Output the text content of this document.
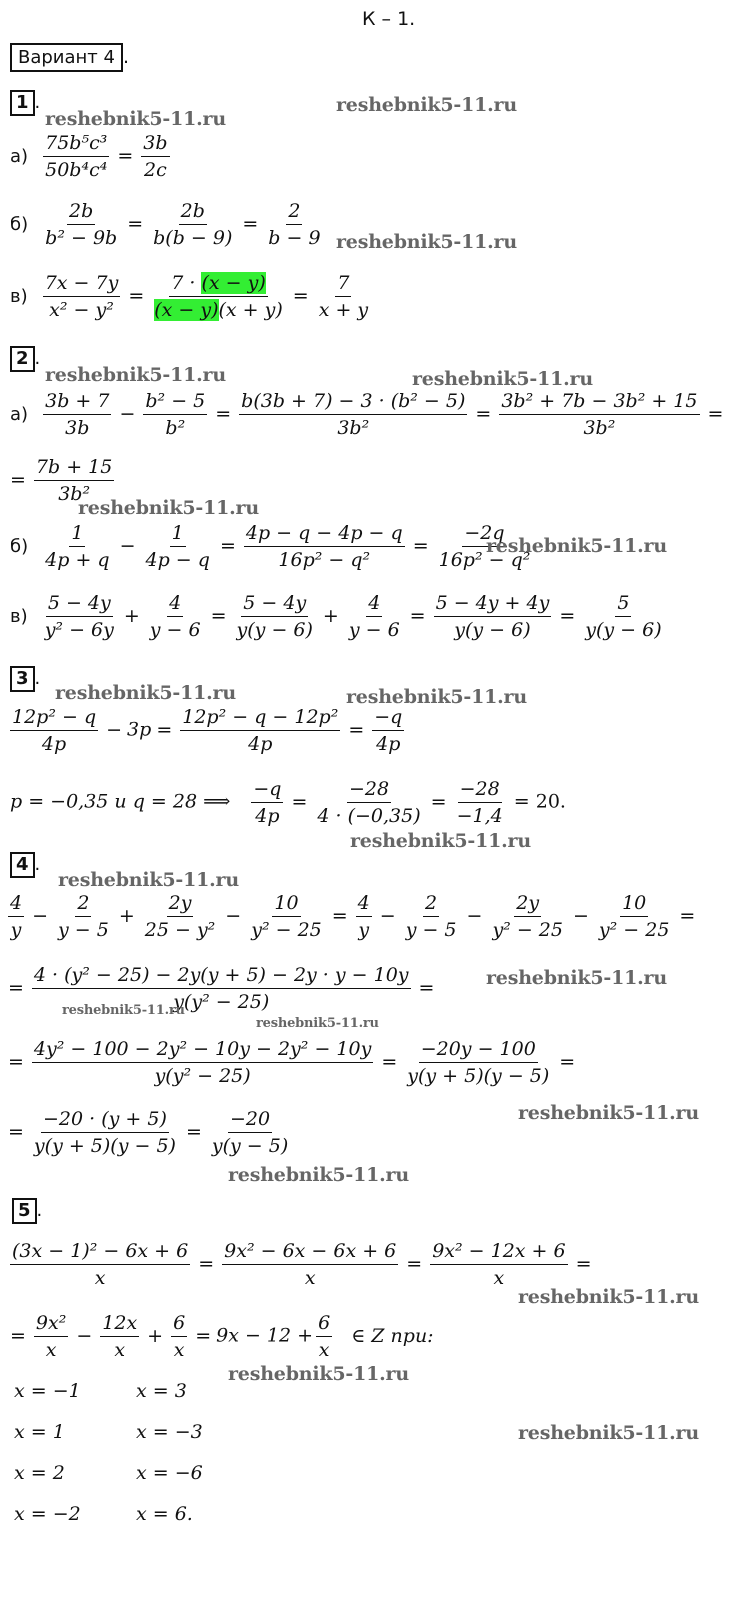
К – 1.
Вариант 4 .
1 .
reshebnik5-11.ru
reshebnik5-11.ru
$а) \frac{\text{75b⁵c³}}{\text{50b⁴c⁴}} = \frac{3b}{2c}$
$б) \frac{2b}{\text{b² − 9b}} = \frac{2b}{b(b - 9)} = \frac{2}{b - 9}$ reshebnik5-11.ru
$в) \frac{7x - 7y}{\text{x² − y²}} = \frac{7 \cdot (x - y)}{(x - y)(x + y)} = \frac{7}{x + y}$
2 .
reshebnik5-11.ru	reshebnik5-11.ru
$а) \frac{3b + 7}{3b} - \frac{\text{b² − 5}}{\text{b²}} = \frac{\text{b(3b + 7) − 3 · (b² − 5)}}{\text{3b²}} = \frac{\text{3b² + 7b − 3b² + 15}}{\text{3b²}}$ =
= $\frac{7b + 15}{\text{3b²}}$
reshebnik5-11.ru
$б) \frac{1}{4p + q} - \frac{1}{4p - q} = \frac{4p - q - 4p - q}{\text{16p² − q²}} = \frac{-2q}{\text{16p² − q²}}$
reshebnik5-11.ru
$в) \frac{5 - 4y}{\text{y² − 6y}} + \frac{4}{y - 6} = \frac{5 - 4y}{y(y - 6)} + \frac{4}{y - 6} = \frac{5 - 4y + 4y}{y(y - 6)} = \frac{5}{y(y - 6)}$
3 .
reshebnik5-11.ru	reshebnik5-11.ru
$\frac{\text{12p² − q}}{4p} - 3p = \frac{\text{12p² − q − 12p²}}{4p} = \frac{-q}{4p}$
p = −0,35 и q = 28 ⟹ $\frac{-q}{4p} = \frac{-28}{4 \cdot (-0,35)} = \frac{-28}{-1,4} = 20$.
reshebnik5-11.ru
4 .
reshebnik5-11.ru
$\frac{4}{y} - \frac{2}{y - 5} + \frac{2y}{\text{25 − y²}} - \frac{10}{\text{y² − 25}} = \frac{4}{y} - \frac{2}{y - 5} - \frac{2y}{\text{y² − 25}} - \frac{10}{\text{y² − 25}}$ =
= $\frac{\text{4 · (y² − 25) − 2y(y + 5) − 2y · y − 10y}}{\text{y(y² − 25)}}$ =	reshebnik5-11.ru
reshebnik5-11.ru
reshebnik5-11.ru
= $\frac{\text{4y² − 100 − 2y² − 10y − 2y² − 10y}}{\text{y(y² − 25)}} = \frac{-20y - 100}{y(y + 5)(y - 5)}$ =
reshebnik5-11.ru
= $\frac{-20 \cdot (y + 5)}{y(y + 5)(y - 5)} = \frac{-20}{y(y - 5)}$
reshebnik5-11.ru
5 .
$\frac{\text{(3x − 1)² − 6x + 6}}{x} = \frac{\text{9x² − 6x − 6x + 6}}{x} = \frac{\text{9x² − 12x + 6}}{x}$ =
reshebnik5-11.ru
= $\frac{\text{9x²}}{x} - \frac{12x}{x} + \frac{6}{x} = 9x - 12 + \frac{6}{x}$ ∈ Z при:
reshebnik5-11.ru
x = −1	x = 3
x = 1	x = −3
x = 2	x = −6
x = −2	x = 6.
reshebnik5-11.ru
